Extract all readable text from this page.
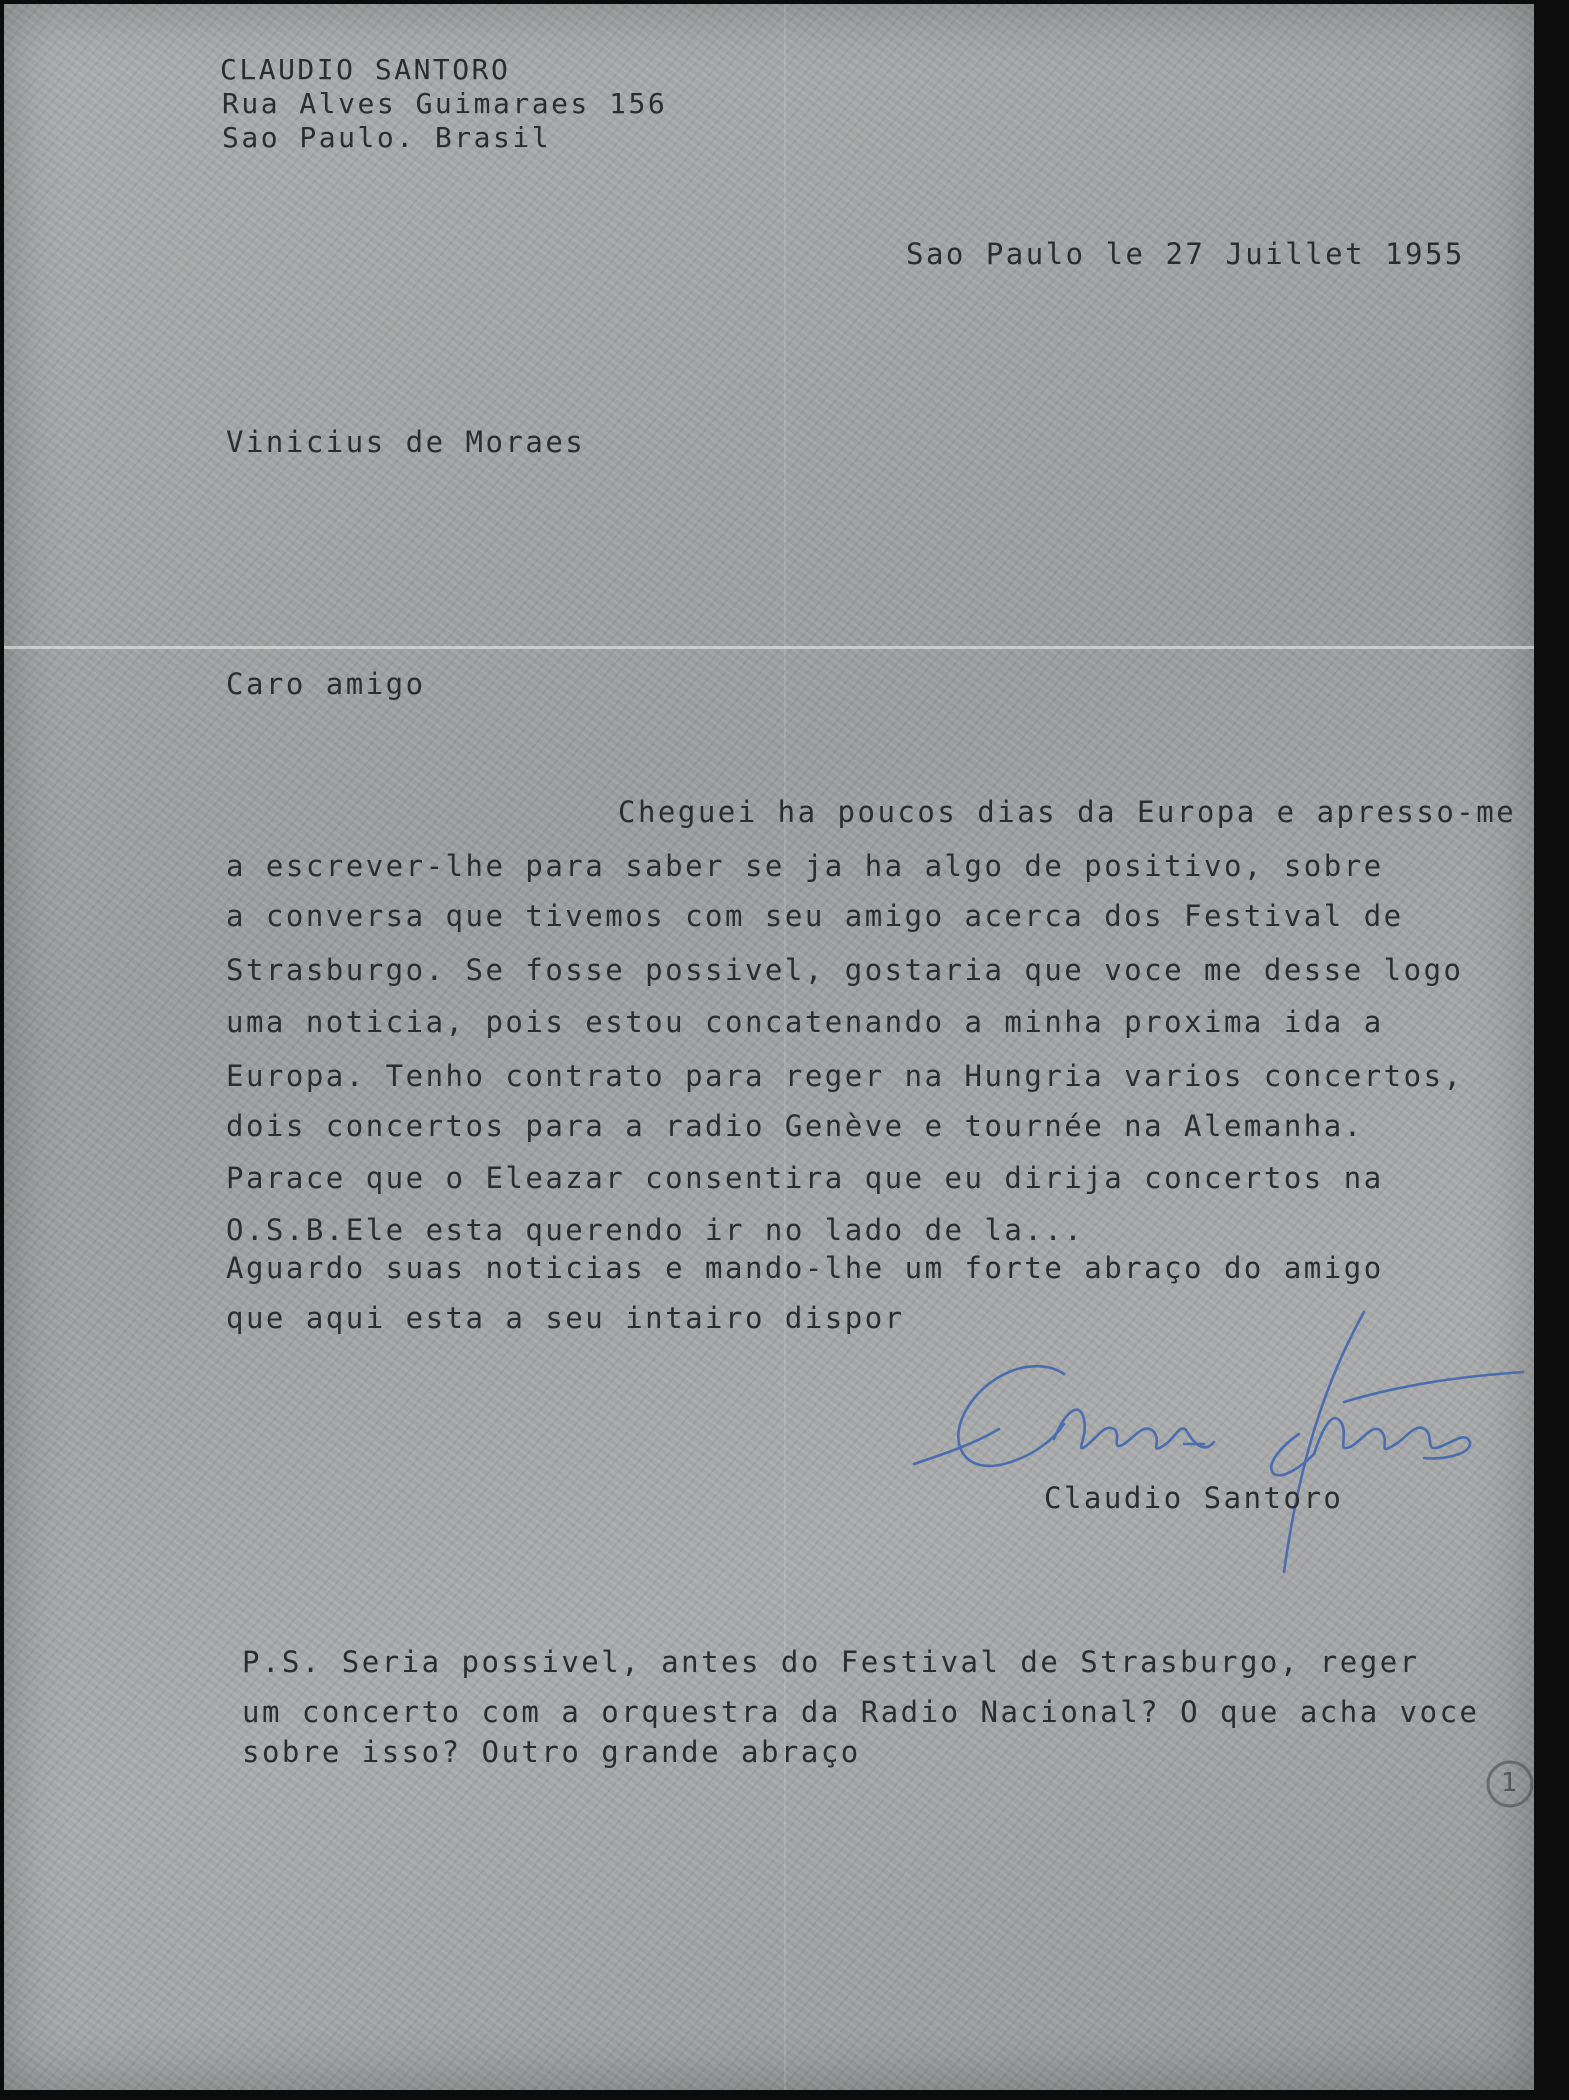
CLAUDIO SANTORO
Rua Alves Guimaraes 156
Sao Paulo. Brasil
Sao Paulo le 27 Juillet 1955
Vinicius de Moraes
Caro amigo
Cheguei ha poucos dias da Europa e apresso-me
a escrever-lhe para saber se ja ha algo de positivo, sobre
a conversa que tivemos com seu amigo acerca dos Festival de
Strasburgo. Se fosse possivel, gostaria que voce me desse logo
uma noticia, pois estou concatenando a minha proxima ida a
Europa. Tenho contrato para reger na Hungria varios concertos,
dois concertos para a radio Genève e tournée na Alemanha.
Parace que o Eleazar consentira que eu dirija concertos na
O.S.B.Ele esta querendo ir no lado de la...
Aguardo suas noticias e mando-lhe um forte abraço do amigo
que aqui esta a seu intairo dispor
Claudio Santoro
P.S. Seria possivel, antes do Festival de Strasburgo, reger
um concerto com a orquestra da Radio Nacional? O que acha voce
sobre isso? Outro grande abraço
1
